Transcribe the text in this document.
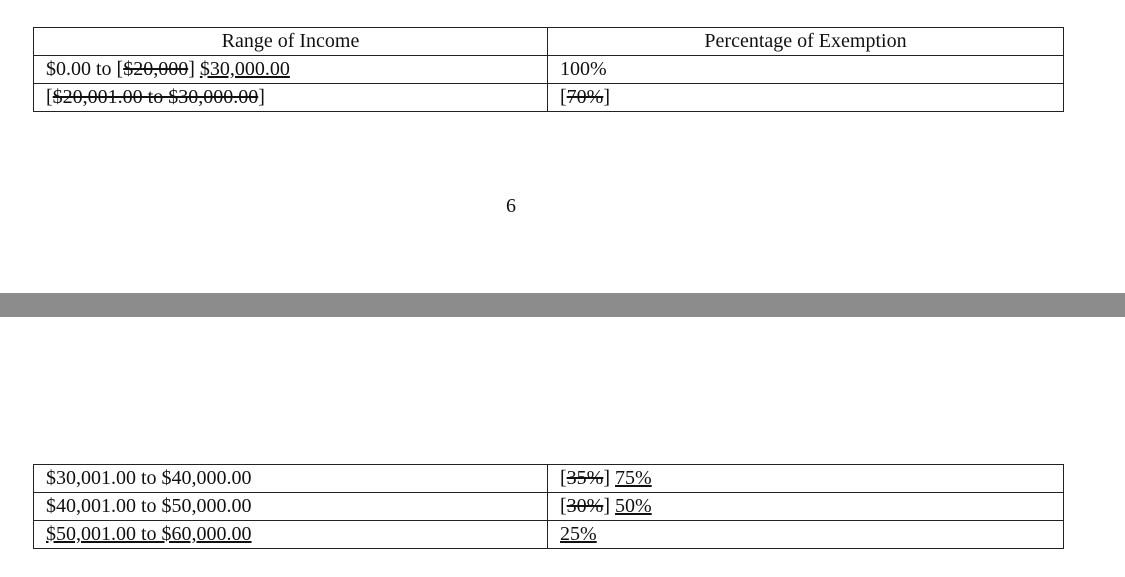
Range of Income	Percentage of Exemption
$0.00 to [$20,000] $30,000.00	100%
[$20,001.00 to $30,000.00]	[70%]
6
$30,001.00 to $40,000.00	[35%] 75%
$40,001.00 to $50,000.00	[30%] 50%
$50,001.00 to $60,000.00	25%
